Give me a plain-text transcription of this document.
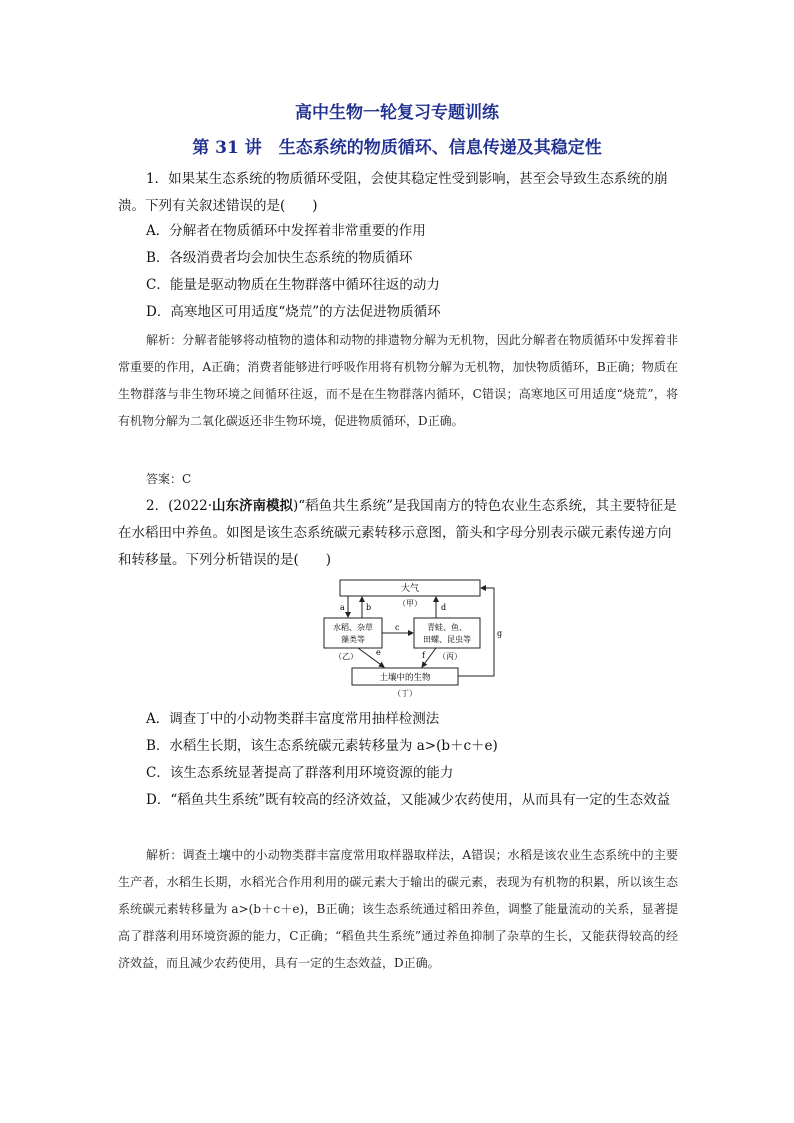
高中生物一轮复习专题训练
第 31 讲　生态系统的物质循环、信息传递及其稳定性
1．如果某生态系统的物质循环受阻，会使其稳定性受到影响，甚至会导致生态系统的崩溃。下列有关叙述错误的是(　　)
A．分解者在物质循环中发挥着非常重要的作用
B．各级消费者均会加快生态系统的物质循环
C．能量是驱动物质在生物群落中循环往返的动力
D．高寒地区可用适度“烧荒”的方法促进物质循环
解析：分解者能够将动植物的遗体和动物的排遗物分解为无机物，因此分解者在物质循环中发挥着非常重要的作用，A正确；消费者能够进行呼吸作用将有机物分解为无机物，加快物质循环，B正确；物质在生物群落与非生物环境之间循环往返，而不是在生物群落内循环，C错误；高寒地区可用适度“烧荒”，将有机物分解为二氧化碳返还非生物环境，促进物质循环，D正确。
答案：C
2．(2022·山东济南模拟)“稻鱼共生系统”是我国南方的特色农业生态系统，其主要特征是在水稻田中养鱼。如图是该生态系统碳元素转移示意图，箭头和字母分别表示碳元素传递方向和转移量。下列分析错误的是(　　)
大气
（甲）
水稻、杂草
藻类等
（乙）
青蛙、鱼、
田螺、昆虫等
（丙）
土壤中的生物
（丁）
a	b	d
c
e	f
g
A．调查丁中的小动物类群丰富度常用抽样检测法
B．水稻生长期，该生态系统碳元素转移量为 a>(b＋c＋e)
C．该生态系统显著提高了群落利用环境资源的能力
D．“稻鱼共生系统”既有较高的经济效益，又能减少农药使用，从而具有一定的生态效益
解析：调查土壤中的小动物类群丰富度常用取样器取样法，A错误；水稻是该农业生态系统中的主要生产者，水稻生长期，水稻光合作用利用的碳元素大于输出的碳元素，表现为有机物的积累，所以该生态系统碳元素转移量为 a>(b＋c＋e)，B正确；该生态系统通过稻田养鱼，调整了能量流动的关系，显著提高了群落利用环境资源的能力，C正确；“稻鱼共生系统”通过养鱼抑制了杂草的生长，又能获得较高的经济效益，而且减少农药使用，具有一定的生态效益，D正确。
